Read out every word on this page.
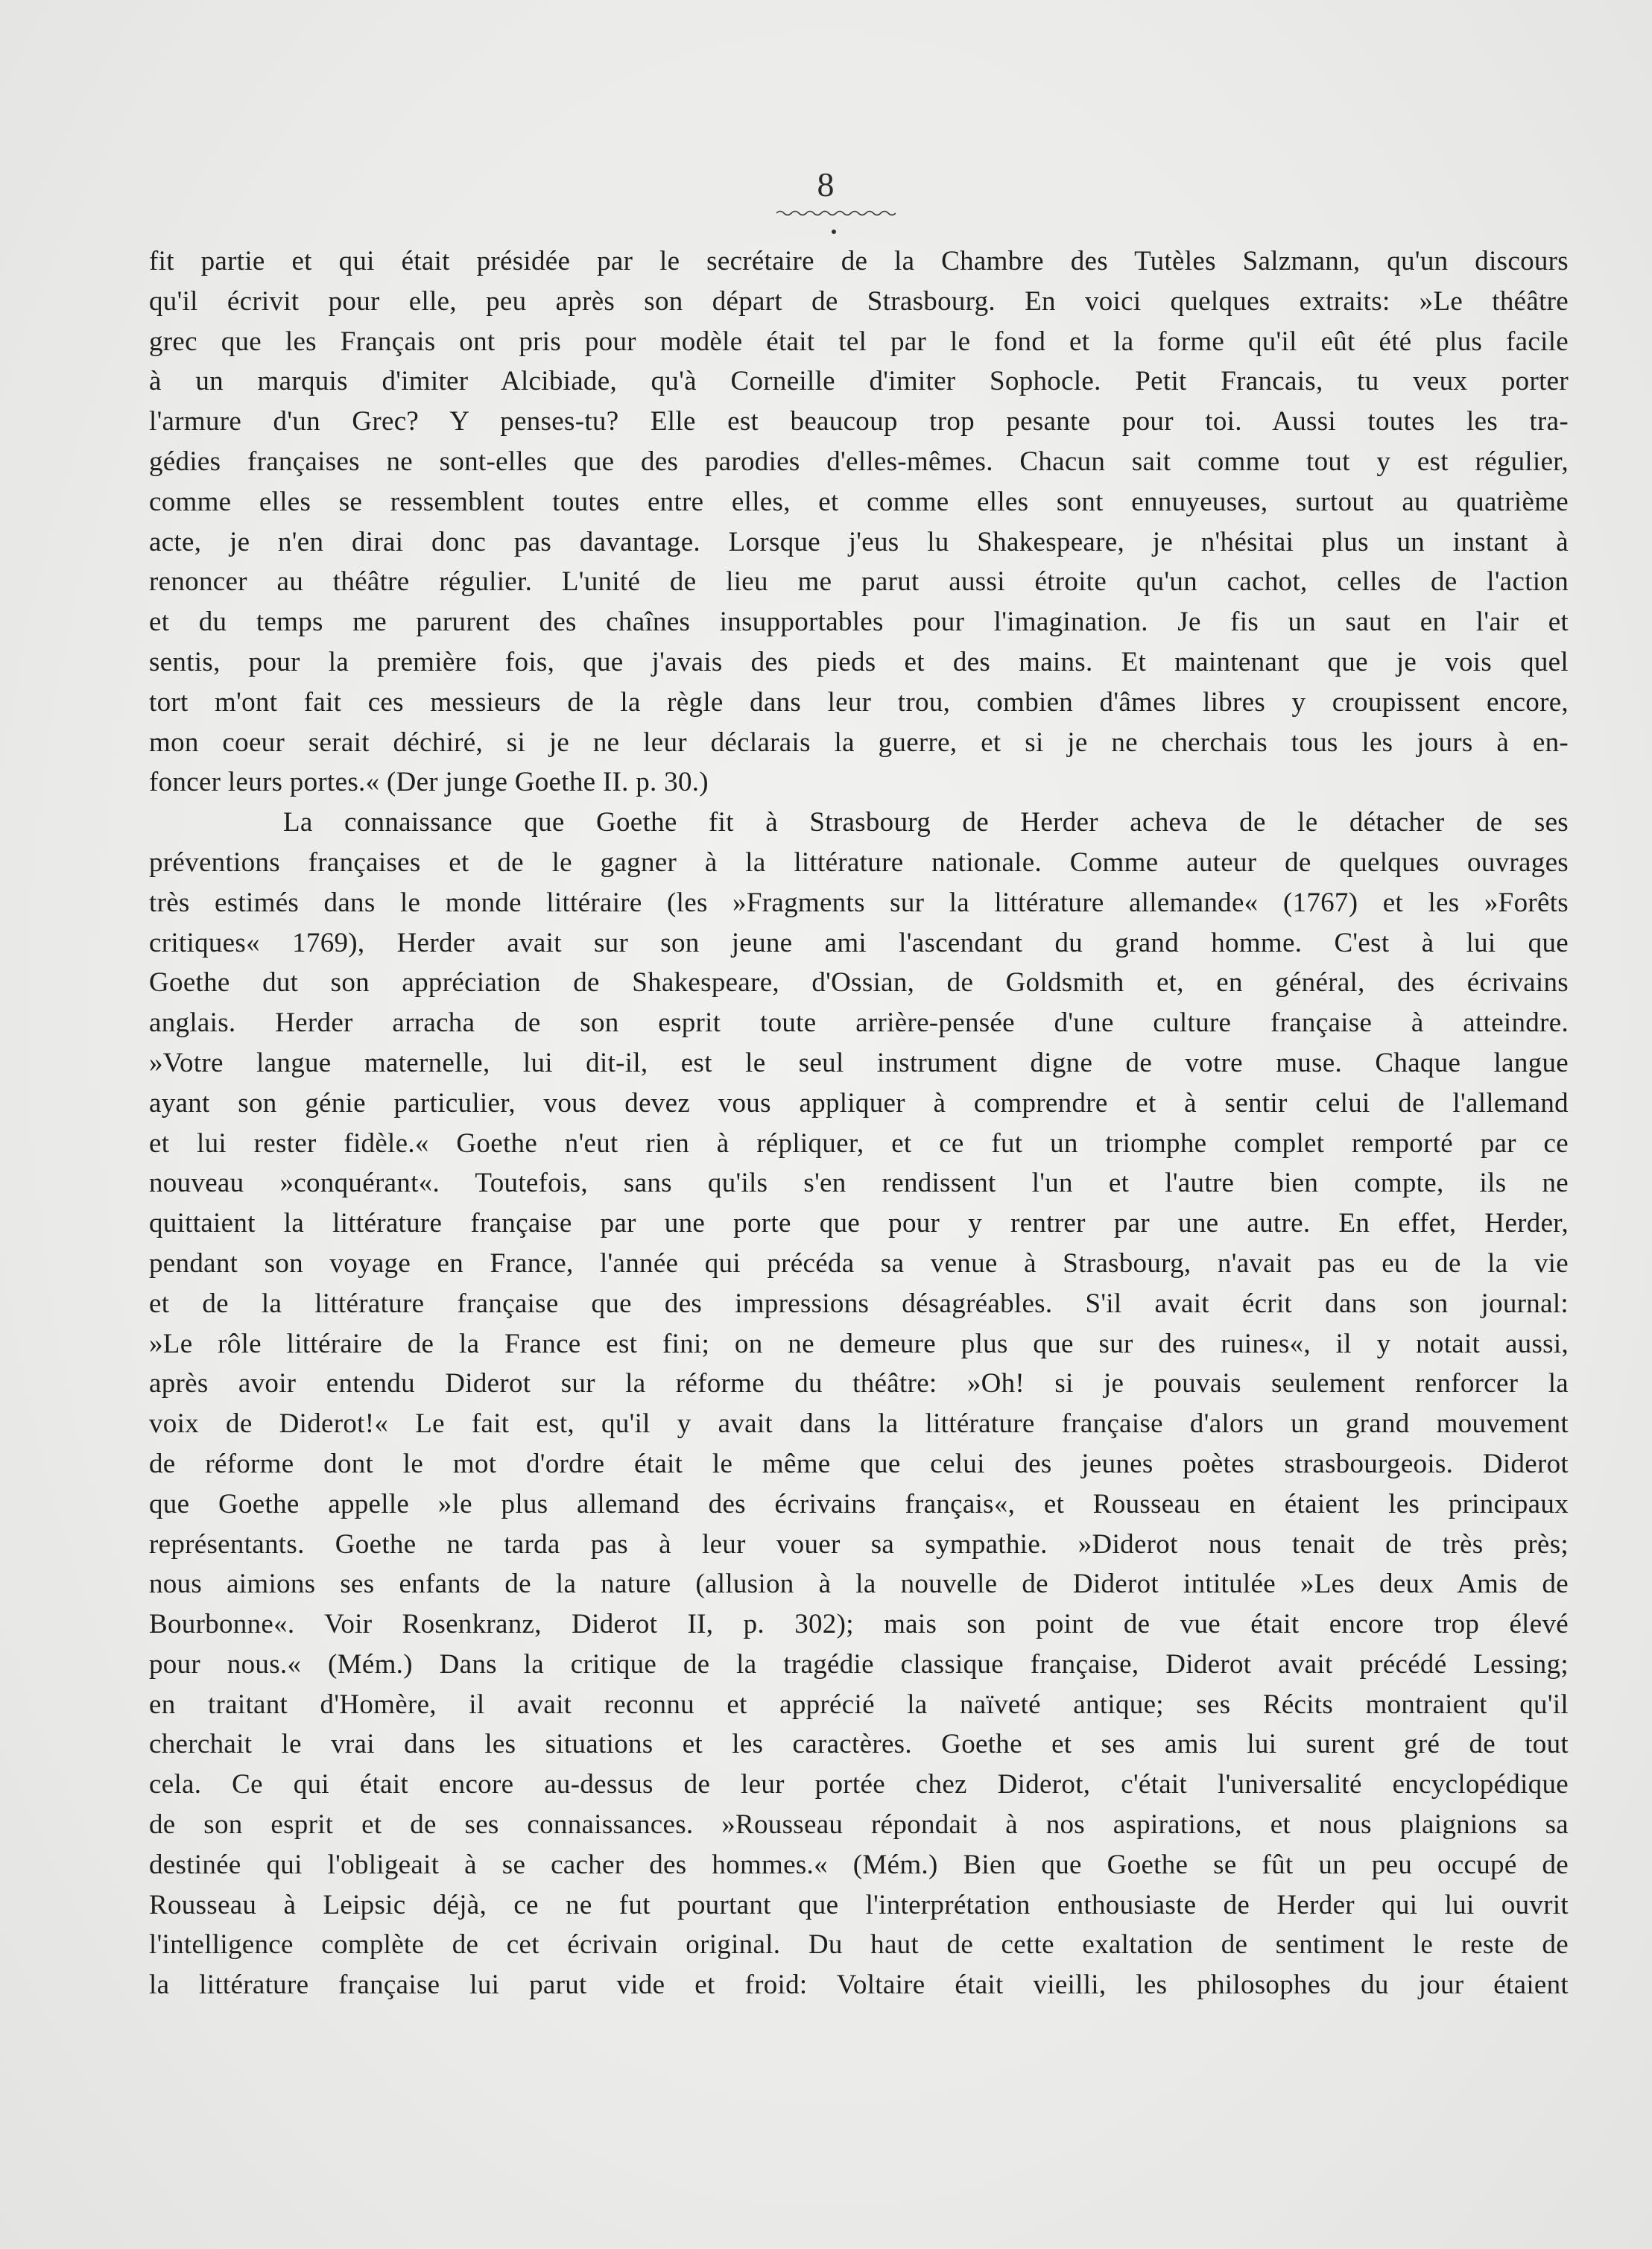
8
fit partie et qui était présidée par le secrétaire de la Chambre des Tutèles Salzmann, qu'un discours
qu'il écrivit pour elle, peu après son départ de Strasbourg. En voici quelques extraits: »Le théâtre
grec que les Français ont pris pour modèle était tel par le fond et la forme qu'il eût été plus facile
à un marquis d'imiter Alcibiade, qu'à Corneille d'imiter Sophocle. Petit Francais, tu veux porter
l'armure d'un Grec? Y penses-tu? Elle est beaucoup trop pesante pour toi. Aussi toutes les tra-
gédies françaises ne sont-elles que des parodies d'elles-mêmes. Chacun sait comme tout y est régulier,
comme elles se ressemblent toutes entre elles, et comme elles sont ennuyeuses, surtout au quatrième
acte, je n'en dirai donc pas davantage. Lorsque j'eus lu Shakespeare, je n'hésitai plus un instant à
renoncer au théâtre régulier. L'unité de lieu me parut aussi étroite qu'un cachot, celles de l'action
et du temps me parurent des chaînes insupportables pour l'imagination. Je fis un saut en l'air et
sentis, pour la première fois, que j'avais des pieds et des mains. Et maintenant que je vois quel
tort m'ont fait ces messieurs de la règle dans leur trou, combien d'âmes libres y croupissent encore,
mon coeur serait déchiré, si je ne leur déclarais la guerre, et si je ne cherchais tous les jours à en-
foncer leurs portes.« (Der junge Goethe II. p. 30.)
La connaissance que Goethe fit à Strasbourg de Herder acheva de le détacher de ses
préventions françaises et de le gagner à la littérature nationale. Comme auteur de quelques ouvrages
très estimés dans le monde littéraire (les »Fragments sur la littérature allemande« (1767) et les »Forêts
critiques« 1769), Herder avait sur son jeune ami l'ascendant du grand homme. C'est à lui que
Goethe dut son appréciation de Shakespeare, d'Ossian, de Goldsmith et, en général, des écrivains
anglais. Herder arracha de son esprit toute arrière-pensée d'une culture française à atteindre.
»Votre langue maternelle, lui dit-il, est le seul instrument digne de votre muse. Chaque langue
ayant son génie particulier, vous devez vous appliquer à comprendre et à sentir celui de l'allemand
et lui rester fidèle.« Goethe n'eut rien à répliquer, et ce fut un triomphe complet remporté par ce
nouveau »conquérant«. Toutefois, sans qu'ils s'en rendissent l'un et l'autre bien compte, ils ne
quittaient la littérature française par une porte que pour y rentrer par une autre. En effet, Herder,
pendant son voyage en France, l'année qui précéda sa venue à Strasbourg, n'avait pas eu de la vie
et de la littérature française que des impressions désagréables. S'il avait écrit dans son journal:
»Le rôle littéraire de la France est fini; on ne demeure plus que sur des ruines«, il y notait aussi,
après avoir entendu Diderot sur la réforme du théâtre: »Oh! si je pouvais seulement renforcer la
voix de Diderot!« Le fait est, qu'il y avait dans la littérature française d'alors un grand mouvement
de réforme dont le mot d'ordre était le même que celui des jeunes poètes strasbourgeois. Diderot
que Goethe appelle »le plus allemand des écrivains français«, et Rousseau en étaient les principaux
représentants. Goethe ne tarda pas à leur vouer sa sympathie. »Diderot nous tenait de très près;
nous aimions ses enfants de la nature (allusion à la nouvelle de Diderot intitulée »Les deux Amis de
Bourbonne«. Voir Rosenkranz, Diderot II, p. 302); mais son point de vue était encore trop élevé
pour nous.« (Mém.) Dans la critique de la tragédie classique française, Diderot avait précédé Lessing;
en traitant d'Homère, il avait reconnu et apprécié la naïveté antique; ses Récits montraient qu'il
cherchait le vrai dans les situations et les caractères. Goethe et ses amis lui surent gré de tout
cela. Ce qui était encore au-dessus de leur portée chez Diderot, c'était l'universalité encyclopédique
de son esprit et de ses connaissances. »Rousseau répondait à nos aspirations, et nous plaignions sa
destinée qui l'obligeait à se cacher des hommes.« (Mém.) Bien que Goethe se fût un peu occupé de
Rousseau à Leipsic déjà, ce ne fut pourtant que l'interprétation enthousiaste de Herder qui lui ouvrit
l'intelligence complète de cet écrivain original. Du haut de cette exaltation de sentiment le reste de
la littérature française lui parut vide et froid: Voltaire était vieilli, les philosophes du jour étaient
